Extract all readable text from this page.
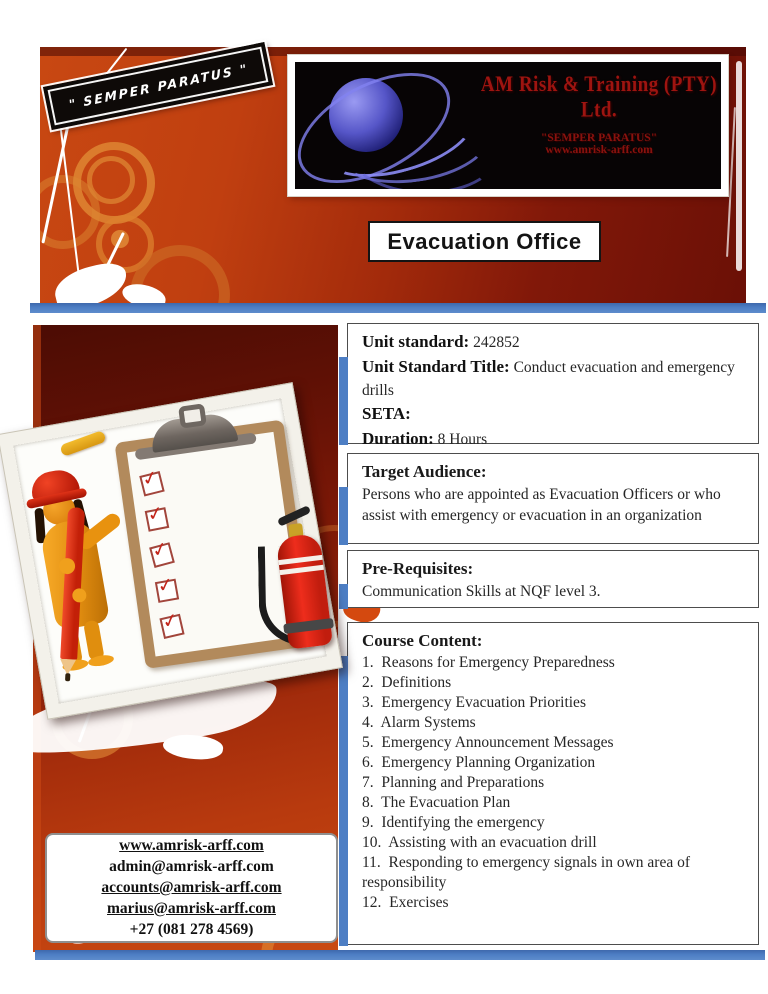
" SEMPER PARATUS "	AM Risk & Training (PTY) Ltd.
"SEMPER PARATUS"
www.amrisk-arff.com
Evacuation Office
✓
✓
✓
✓
✓
www.amrisk-arff.com
admin@amrisk-arff.com
accounts@amrisk-arff.com
marius@amrisk-arff.com
+27 (081 278 4569)
Unit standard: 242852
Unit Standard Title: Conduct evacuation and emergency drills
SETA:
Duration: 8 Hours
Target Audience:
Persons who are appointed as Evacuation Officers or who assist with emergency or evacuation in an organization
Pre-Requisites:
Communication Skills at NQF level 3.
Course Content:
1.  Reasons for Emergency Preparedness
2.  Definitions
3.  Emergency Evacuation Priorities
4.  Alarm Systems
5.  Emergency Announcement Messages
6.  Emergency Planning Organization
7.  Planning and Preparations
8.  The Evacuation Plan
9.  Identifying the emergency
10.  Assisting with an evacuation drill
11.  Responding to emergency signals in own area of responsibility
12.  Exercises
